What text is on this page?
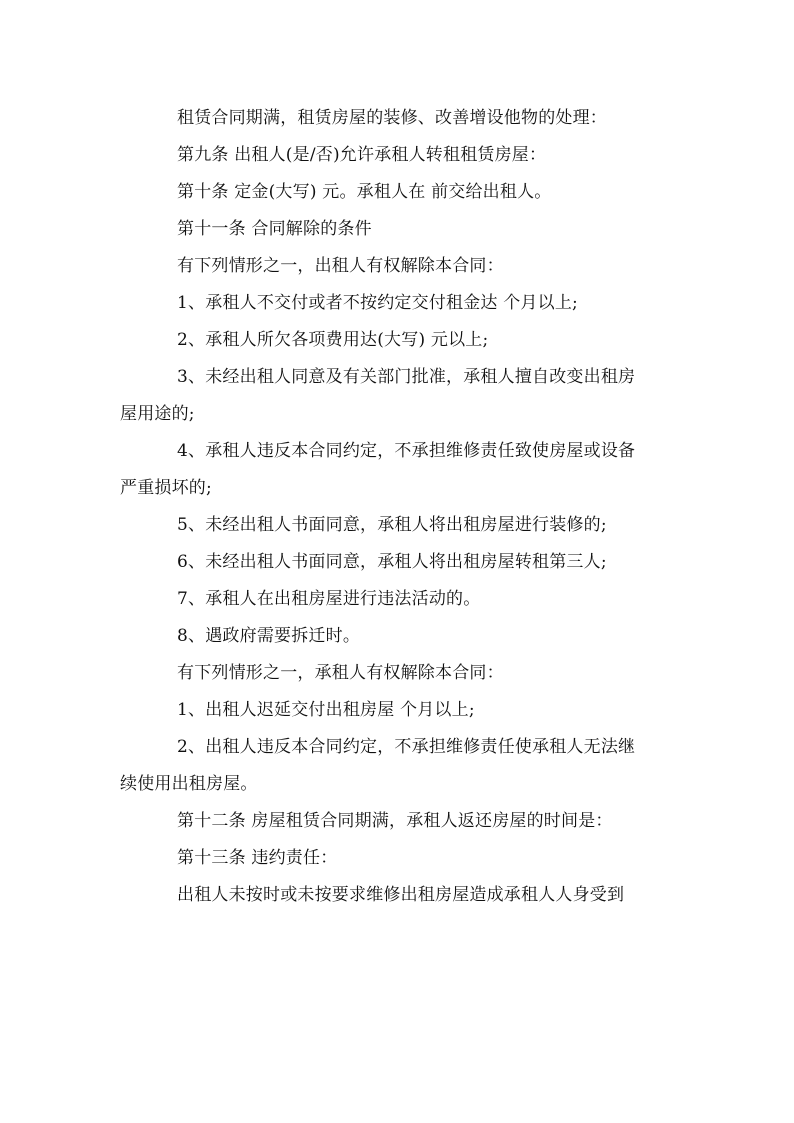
租赁合同期满，租赁房屋的装修、改善增设他物的处理：

第九条 出租人(是/否)允许承租人转租租赁房屋：

第十条 定金(大写) 元。承租人在 前交给出租人。

第十一条 合同解除的条件

有下列情形之一，出租人有权解除本合同：

1、承租人不交付或者不按约定交付租金达 个月以上;

2、承租人所欠各项费用达(大写) 元以上;

3、未经出租人同意及有关部门批准，承租人擅自改变出租房

屋用途的;

4、承租人违反本合同约定，不承担维修责任致使房屋或设备

严重损坏的;

5、未经出租人书面同意，承租人将出租房屋进行装修的;

6、未经出租人书面同意，承租人将出租房屋转租第三人;

7、承租人在出租房屋进行违法活动的。

8、遇政府需要拆迁时。

有下列情形之一，承租人有权解除本合同：

1、出租人迟延交付出租房屋 个月以上;

2、出租人违反本合同约定，不承担维修责任使承租人无法继

续使用出租房屋。

第十二条 房屋租赁合同期满，承租人返还房屋的时间是：

第十三条 违约责任：

出租人未按时或未按要求维修出租房屋造成承租人人身受到
